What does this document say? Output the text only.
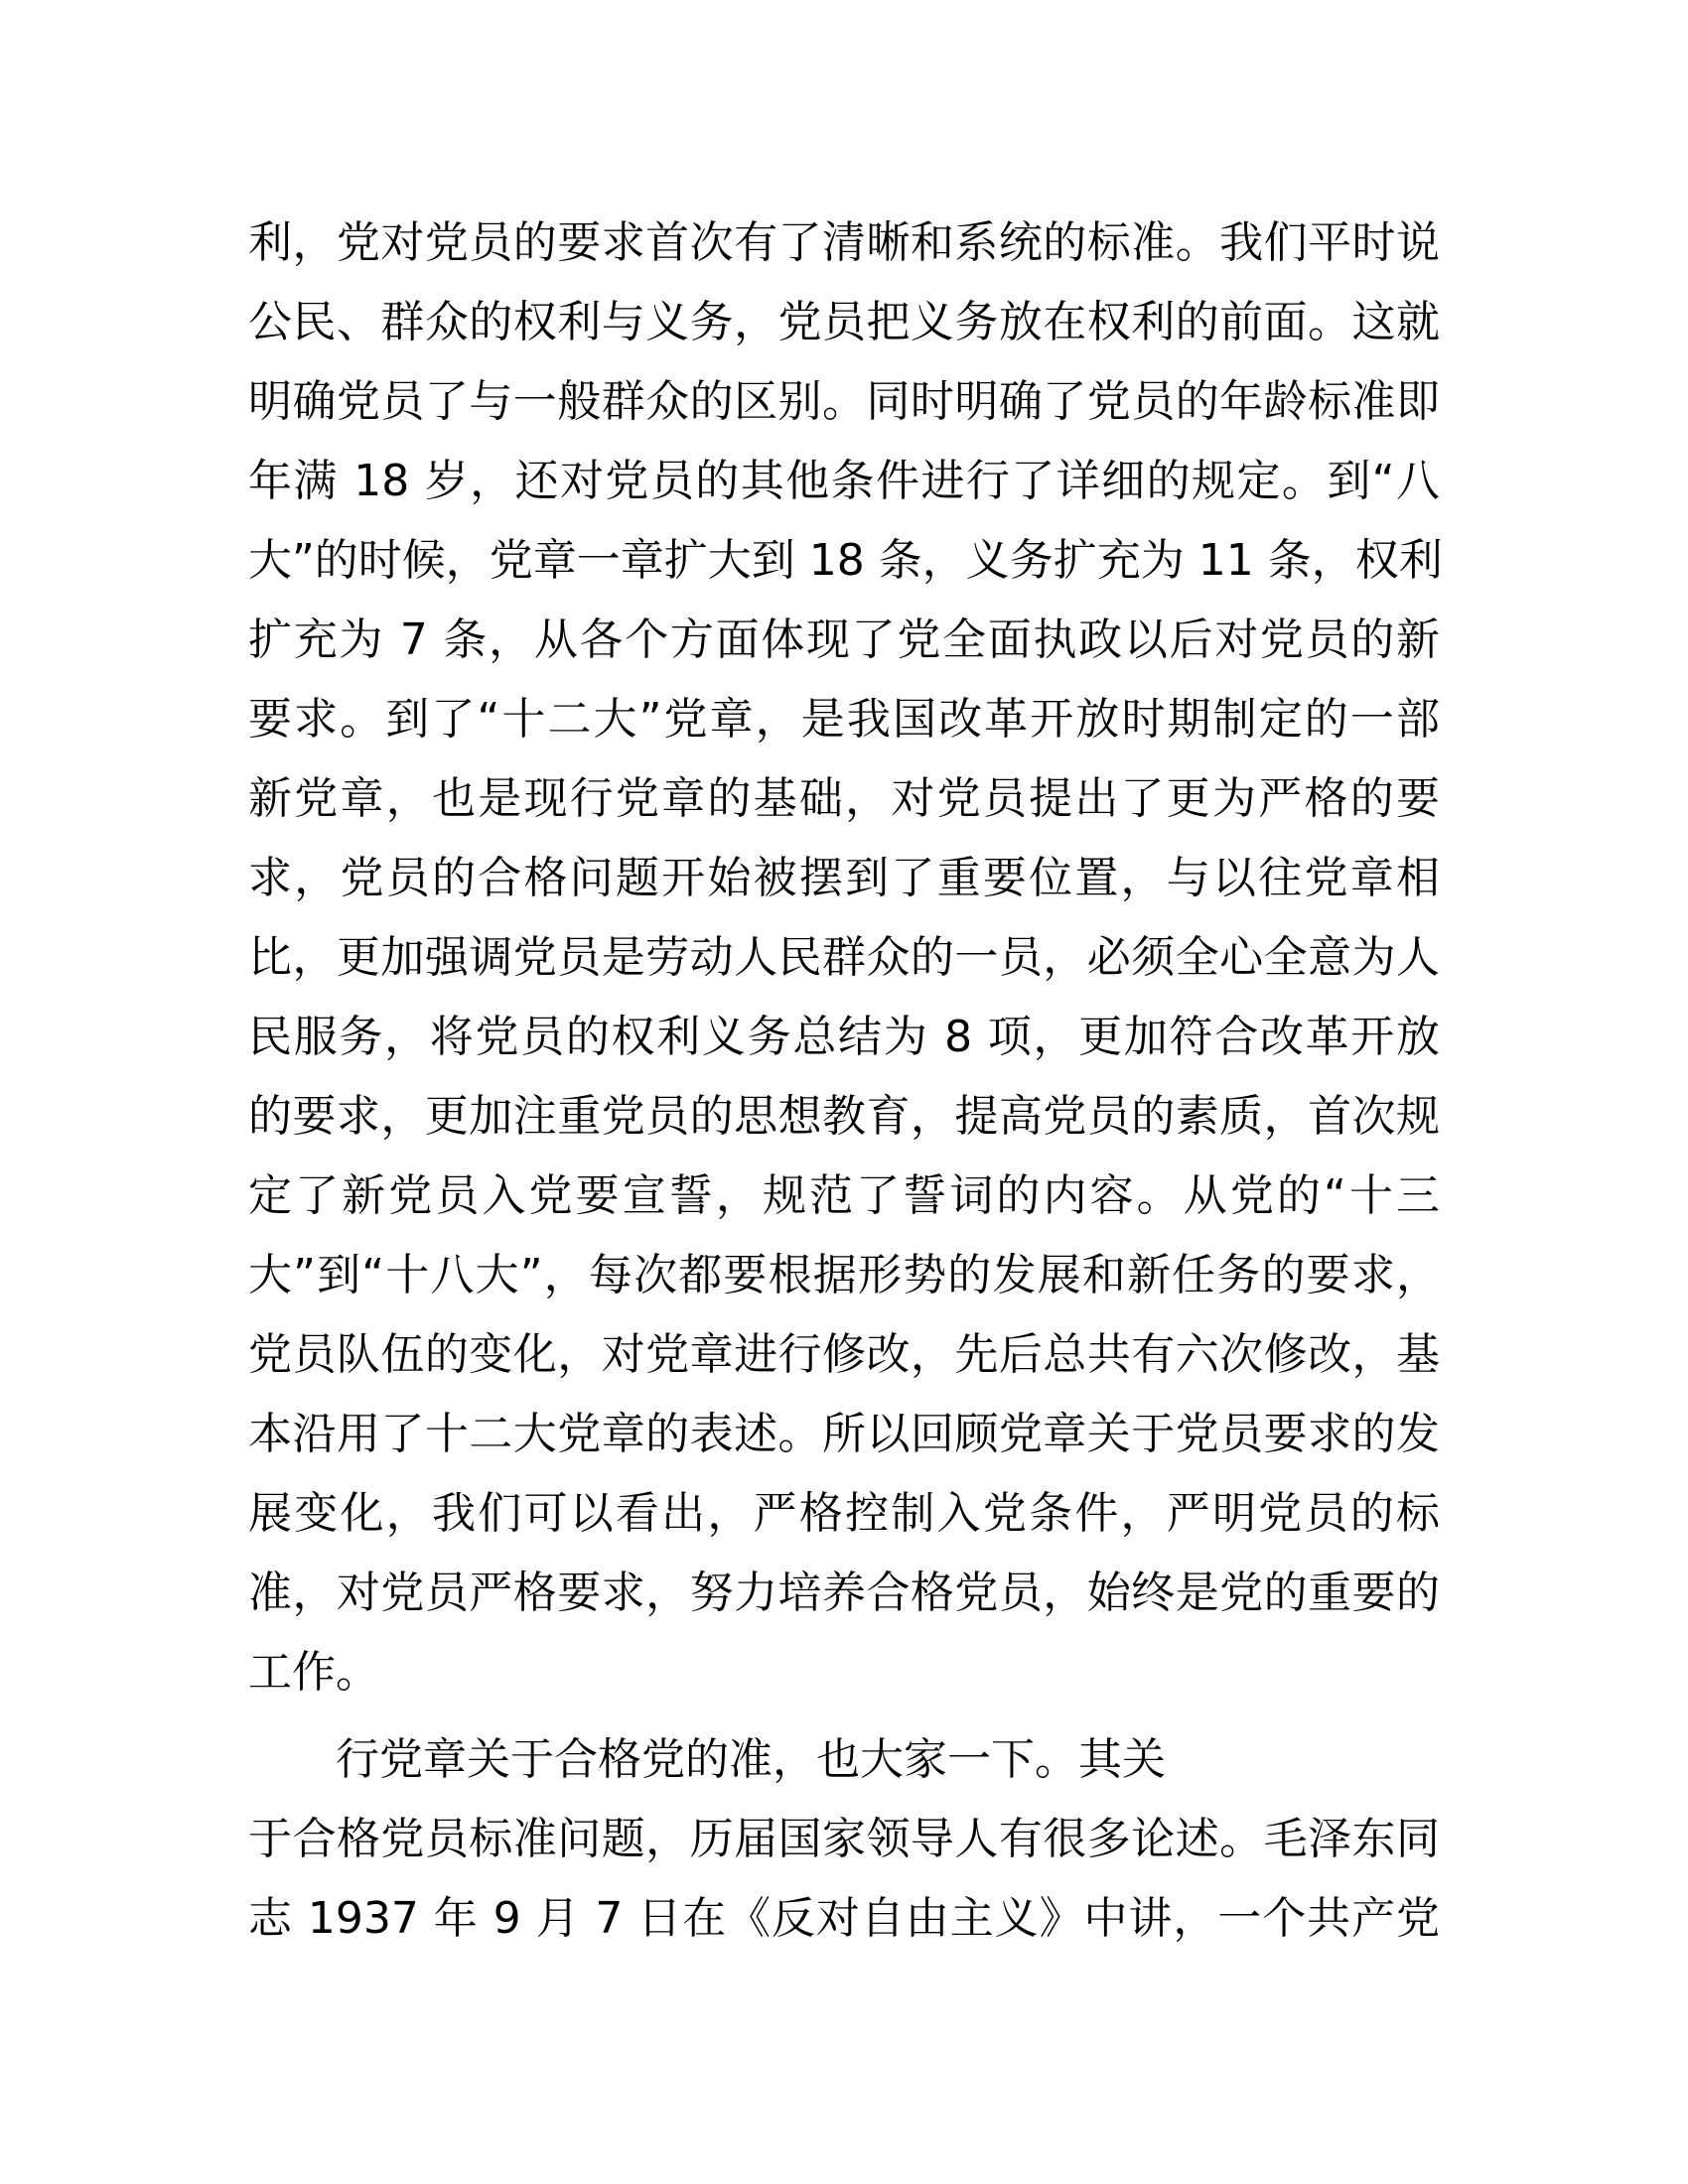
利，党对党员的要求首次有了清晰和系统的标准。我们平时说
公民、群众的权利与义务，党员把义务放在权利的前面。这就
明确党员了与一般群众的区别。同时明确了党员的年龄标准即
年满 18 岁，还对党员的其他条件进行了详细的规定。到“八
大”的时候，党章一章扩大到 18 条，义务扩充为 11 条，权利
扩充为 7 条，从各个方面体现了党全面执政以后对党员的新
要求。到了“十二大”党章，是我国改革开放时期制定的一部
新党章，也是现行党章的基础，对党员提出了更为严格的要
求，党员的合格问题开始被摆到了重要位置，与以往党章相
比，更加强调党员是劳动人民群众的一员，必须全心全意为人
民服务，将党员的权利义务总结为 8 项，更加符合改革开放
的要求，更加注重党员的思想教育，提高党员的素质，首次规
定了新党员入党要宣誓，规范了誓词的内容。从党的“十三
大”到“十八大”，每次都要根据形势的发展和新任务的要求，
党员队伍的变化，对党章进行修改，先后总共有六次修改，基
本沿用了十二大党章的表述。所以回顾党章关于党员要求的发
展变化，我们可以看出，严格控制入党条件，严明党员的标
准，对党员严格要求，努力培养合格党员，始终是党的重要的
工作。
行党章关于合格党的准，也大家一下。其关
于合格党员标准问题，历届国家领导人有很多论述。毛泽东同
志 1937 年 9 月 7 日在《反对自由主义》中讲，一个共产党
